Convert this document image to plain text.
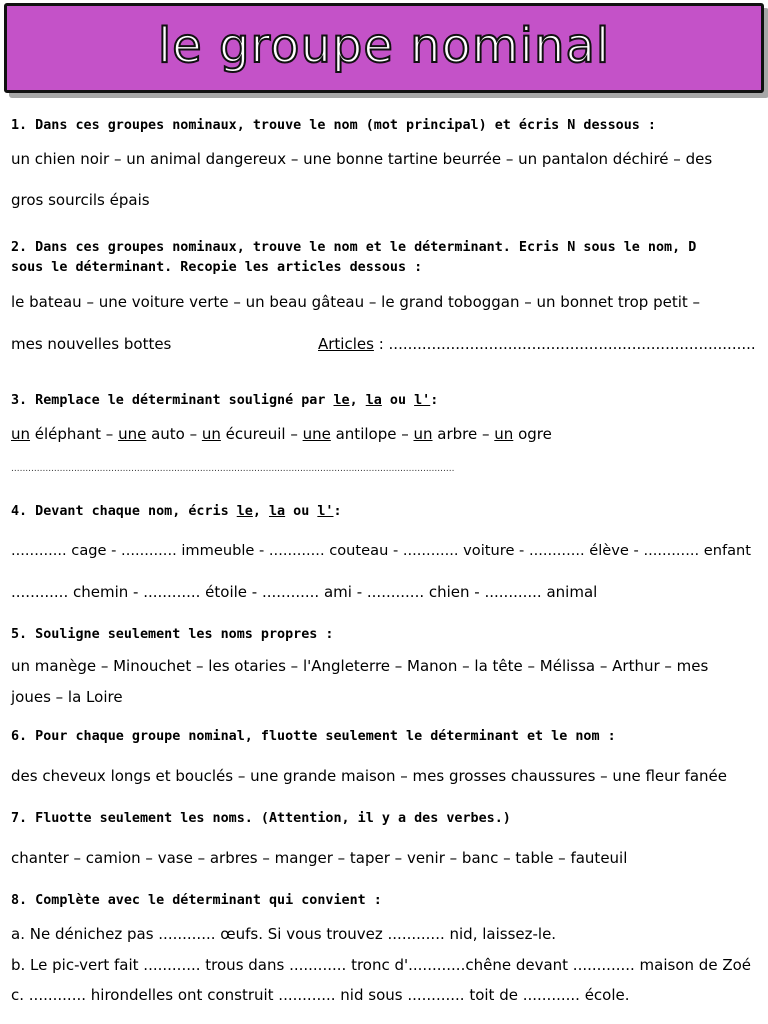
le groupe nominal
1. Dans ces groupes nominaux, trouve le nom (mot principal) et écris N dessous :
un chien noir – un animal dangereux – une bonne tartine beurrée – un pantalon déchiré – des
gros sourcils épais
2. Dans ces groupes nominaux, trouve le nom et le déterminant. Ecris N sous le nom, D
sous le déterminant. Recopie les articles dessous :
le bateau – une voiture verte – un beau gâteau – le grand toboggan – un bonnet trop petit –
mes nouvelles bottes	Articles : .............................................................................
3. Remplace le déterminant souligné par le, la ou l':
un éléphant – une auto – un écureuil – une antilope – un arbre – un ogre
...........................................................................................................................................................
4. Devant chaque nom, écris le, la ou l':
............ cage - ............ immeuble - ............ couteau - ............ voiture - ............ élève - ............ enfant
............ chemin - ............ étoile - ............ ami - ............ chien - ............ animal
5. Souligne seulement les noms propres :
un manège – Minouchet – les otaries – l'Angleterre – Manon – la tête – Mélissa – Arthur – mes
joues – la Loire
6. Pour chaque groupe nominal, fluotte seulement le déterminant et le nom :
des cheveux longs et bouclés – une grande maison – mes grosses chaussures – une fleur fanée
7. Fluotte seulement les noms. (Attention, il y a des verbes.)
chanter – camion – vase – arbres – manger – taper – venir – banc – table – fauteuil
8. Complète avec le déterminant qui convient :
a. Ne dénichez pas ............ œufs. Si vous trouvez ............ nid, laissez-le.
b. Le pic-vert fait ............ trous dans ............ tronc d'............chêne devant ............. maison de Zoé
c. ............ hirondelles ont construit ............ nid sous ............ toit de ............ école.
